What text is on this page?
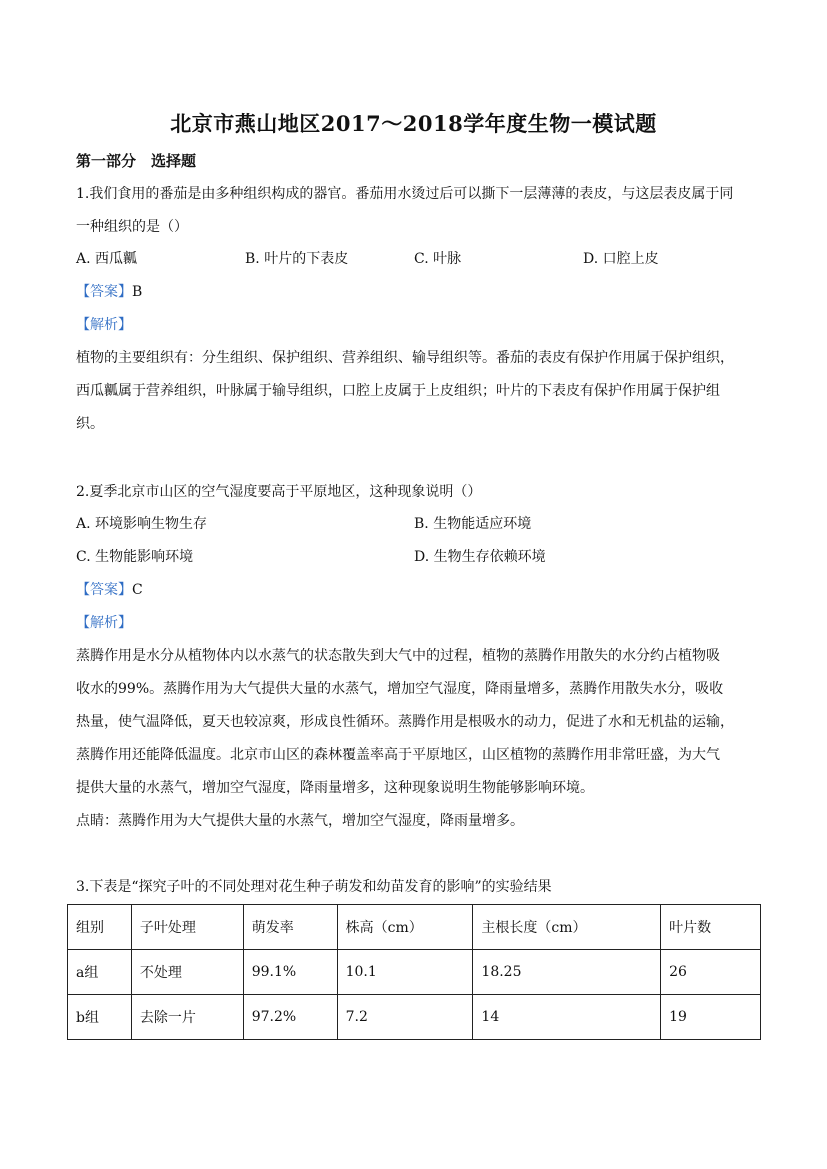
北京市燕山地区2017～2018学年度生物一模试题
第一部分　选择题
1.我们食用的番茄是由多种组织构成的器官。番茄用水烫过后可以撕下一层薄薄的表皮，与这层表皮属于同
一种组织的是（）
A. 西瓜瓤	B. 叶片的下表皮	C. 叶脉	D. 口腔上皮
【答案】B
【解析】
植物的主要组织有：分生组织、保护组织、营养组织、输导组织等。番茄的表皮有保护作用属于保护组织，
西瓜瓤属于营养组织，叶脉属于输导组织，口腔上皮属于上皮组织；叶片的下表皮有保护作用属于保护组
织。
2.夏季北京市山区的空气湿度要高于平原地区，这种现象说明（）
A. 环境影响生物生存	B. 生物能适应环境
C. 生物能影响环境	D. 生物生存依赖环境
【答案】C
【解析】
蒸腾作用是水分从植物体内以水蒸气的状态散失到大气中的过程，植物的蒸腾作用散失的水分约占植物吸
收水的99%。蒸腾作用为大气提供大量的水蒸气，增加空气湿度，降雨量增多，蒸腾作用散失水分，吸收
热量，使气温降低，夏天也较凉爽，形成良性循环。蒸腾作用是根吸水的动力，促进了水和无机盐的运输，
蒸腾作用还能降低温度。北京市山区的森林覆盖率高于平原地区，山区植物的蒸腾作用非常旺盛，为大气
提供大量的水蒸气，增加空气湿度，降雨量增多，这种现象说明生物能够影响环境。
点睛：蒸腾作用为大气提供大量的水蒸气，增加空气湿度，降雨量增多。
3.下表是“探究子叶的不同处理对花生种子萌发和幼苗发育的影响”的实验结果
组别	子叶处理	萌发率	株高（cm）	主根长度（cm）	叶片数
a组	不处理	99.1%	10.1	18.25	26
b组	去除一片	97.2%	7.2	14	19
